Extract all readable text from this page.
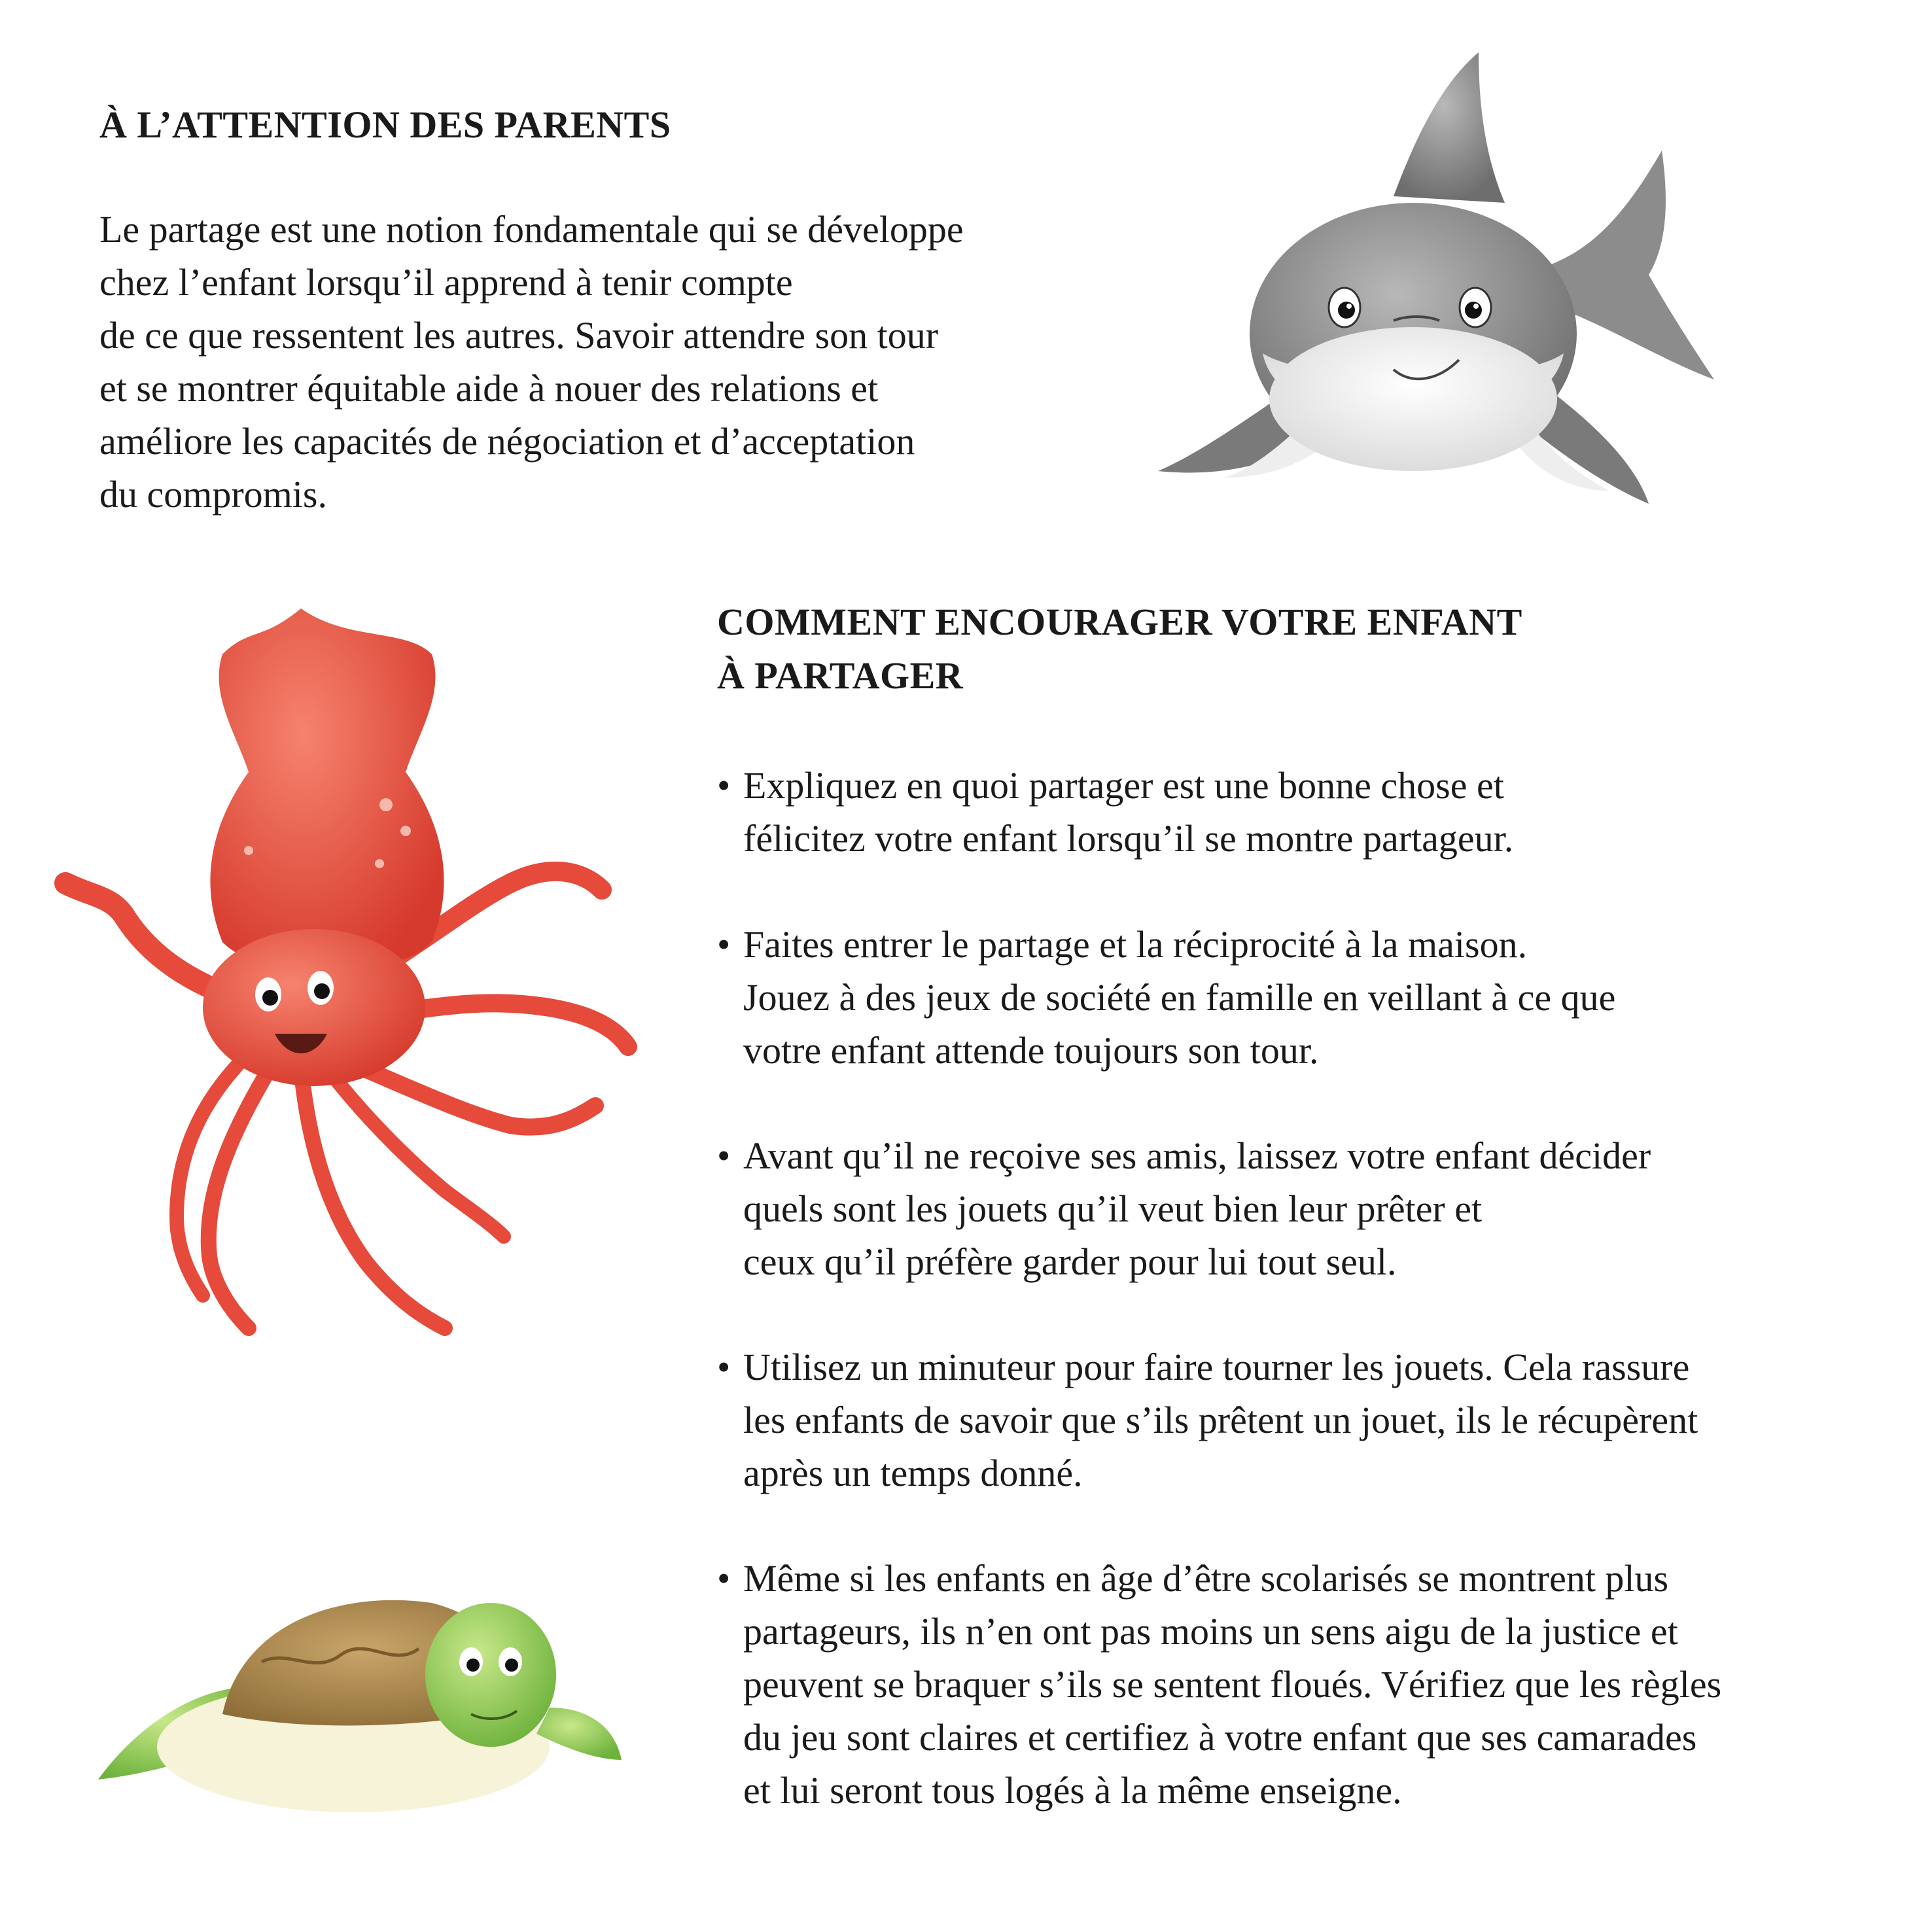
À L’ATTENTION DES PARENTS
Le partage est une notion fondamentale qui se développe
chez l’enfant lorsqu’il apprend à tenir compte
de ce que ressentent les autres. Savoir attendre son tour
et se montrer équitable aide à nouer des relations et
améliore les capacités de négociation et d’acceptation
du compromis.
COMMENT ENCOURAGER VOTRE ENFANT
À PARTAGER
• Expliquez en quoi partager est une bonne chose et
félicitez votre enfant lorsqu’il se montre partageur.
• Faites entrer le partage et la réciprocité à la maison.
Jouez à des jeux de société en famille en veillant à ce que
votre enfant attende toujours son tour.
• Avant qu’il ne reçoive ses amis, laissez votre enfant décider
quels sont les jouets qu’il veut bien leur prêter et
ceux qu’il préfère garder pour lui tout seul.
• Utilisez un minuteur pour faire tourner les jouets. Cela rassure
les enfants de savoir que s’ils prêtent un jouet, ils le récupèrent
après un temps donné.
• Même si les enfants en âge d’être scolarisés se montrent plus
partageurs, ils n’en ont pas moins un sens aigu de la justice et
peuvent se braquer s’ils se sentent floués. Vérifiez que les règles
du jeu sont claires et certifiez à votre enfant que ses camarades
et lui seront tous logés à la même enseigne.
